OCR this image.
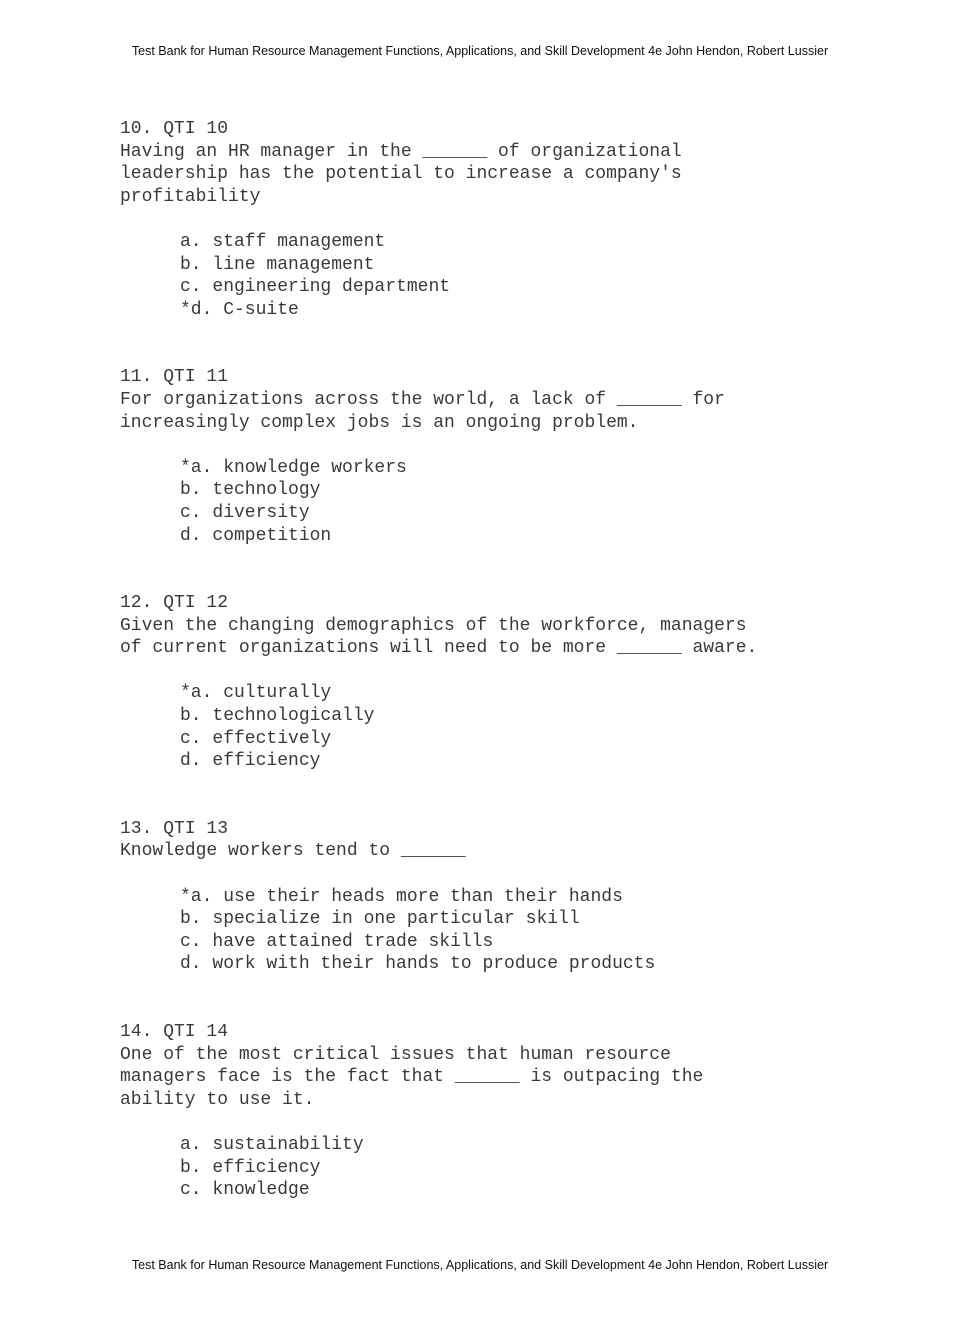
Test Bank for Human Resource Management Functions, Applications, and Skill Development 4e John Hendon, Robert Lussier
10. QTI 10
Having an HR manager in the ______ of organizational
leadership has the potential to increase a company's
profitability
a. staff management
b. line management
c. engineering department
*d. C-suite
11. QTI 11
For organizations across the world, a lack of ______ for
increasingly complex jobs is an ongoing problem.
*a. knowledge workers
b. technology
c. diversity
d. competition
12. QTI 12
Given the changing demographics of the workforce, managers
of current organizations will need to be more ______ aware.
*a. culturally
b. technologically
c. effectively
d. efficiency
13. QTI 13
Knowledge workers tend to ______
*a. use their heads more than their hands
b. specialize in one particular skill
c. have attained trade skills
d. work with their hands to produce products
14. QTI 14
One of the most critical issues that human resource
managers face is the fact that ______ is outpacing the
ability to use it.
a. sustainability
b. efficiency
c. knowledge
Test Bank for Human Resource Management Functions, Applications, and Skill Development 4e John Hendon, Robert Lussier
